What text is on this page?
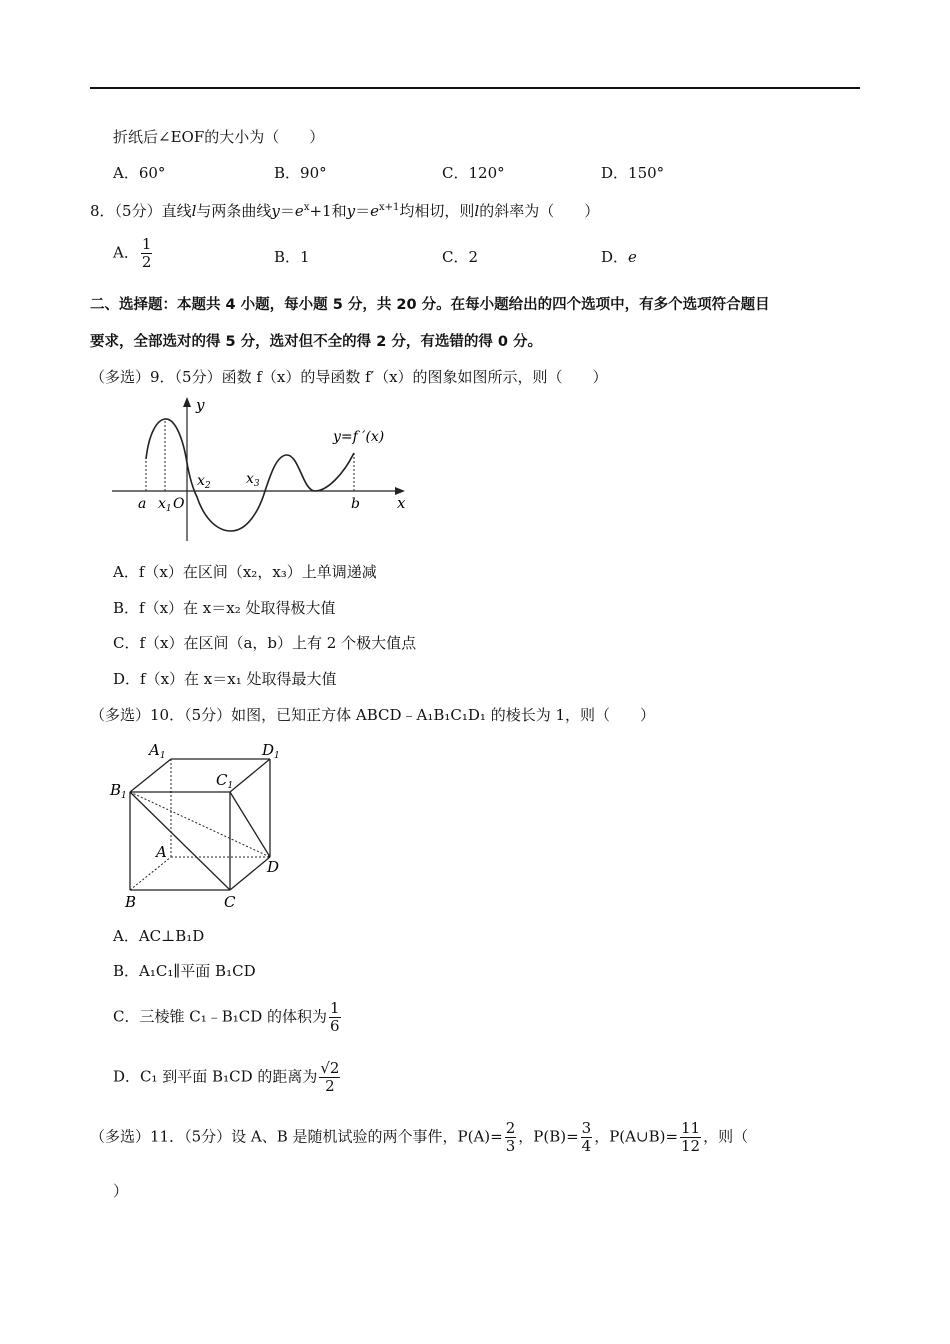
折纸后∠EOF的大小为（　　）
A．60°	B．90°	C．120°	D．150°
8．（5分）直线l与两条曲线$y=e^x+1$和$y=e^{x+1}$均相切，则l的斜率为（　　）
A． $\frac{1}{2}$	B．1	C．2	D．e
二、选择题：本题共 4 小题，每小题 5 分，共 20 分。在每小题给出的四个选项中，有多个选项符合题目
要求，全部选对的得 5 分，选对但不全的得 2 分，有选错的得 0 分。
（多选）9．（5分）函数 f（x）的导函数 f′（x）的图象如图所示，则（　　）
y
x
y=f ′(x)
a $x_1$ O
$x_2$	$x_3$
b
A．f（x）在区间（x₂，x₃）上单调递减
B．f（x）在 x＝x₂ 处取得极大值
C．f（x）在区间（a，b）上有 2 个极大值点
D．f（x）在 x＝x₁ 处取得最大值
（多选）10．（5分）如图，已知正方体 ABCD﹣A₁B₁C₁D₁ 的棱长为 1，则（　　）
$A_1$	$D_1$
$C_1$
$B_1$
A
D
B	C
A．AC⊥B₁D
B．A₁C₁∥平面 B₁CD
C．三棱锥 C₁﹣B₁CD 的体积为 $\frac{1}{6}$
D．C₁ 到平面 B₁CD 的距离为 $\frac{√2}{2}$
（多选）11．（5分）设 A、B 是随机试验的两个事件，$P(A)= \frac{2}{3}$ ，$P(B)= \frac{3}{4}$ ，P(A∪B)= $\frac{11}{12}$ ，则（
）
